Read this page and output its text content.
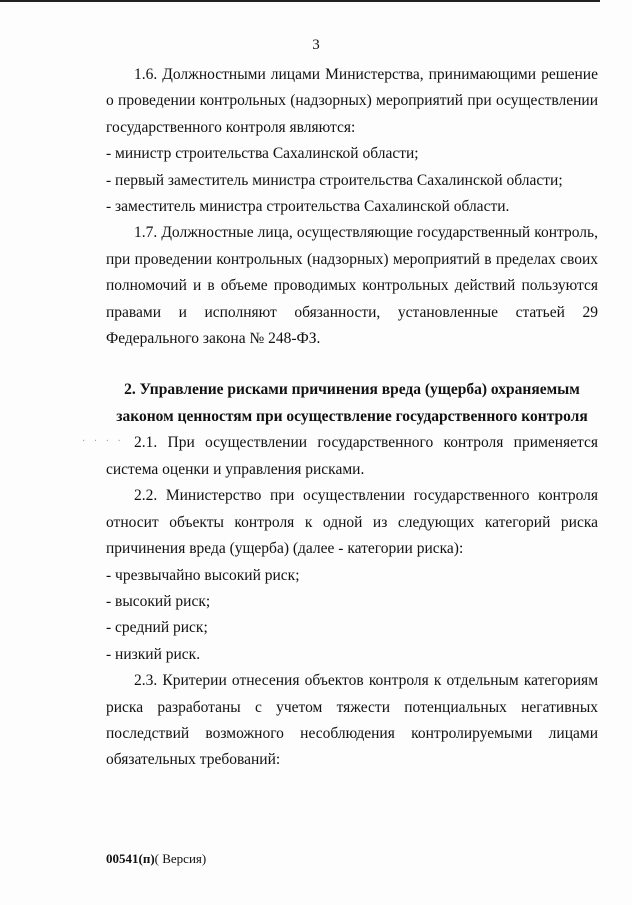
3

1.6. Должностными лицами Министерства, принимающими решение о проведении контрольных (надзорных) мероприятий при осуществлении государственного контроля являются:

- министр строительства Сахалинской области;

- первый заместитель министра строительства Сахалинской области;

- заместитель министра строительства Сахалинской области.

1.7. Должностные лица, осуществляющие государственный контроль, при проведении контрольных (надзорных) мероприятий в пределах своих полномочий и в объеме проводимых контрольных действий пользуются правами и исполняют обязанности, установленные статьей 29 Федерального закона № 248-ФЗ.

2. Управление рисками причинения вреда (ущерба) охраняемым законом ценностям при осуществление государственного контроля

2.1. При осуществлении государственного контроля применяется система оценки и управления рисками.

2.2. Министерство при осуществлении государственного контроля относит объекты контроля к одной из следующих категорий риска причинения вреда (ущерба) (далее - категории риска):

- чрезвычайно высокий риск;

- высокий риск;

- средний риск;

- низкий риск.

2.3. Критерии отнесения объектов контроля к отдельным категориям риска разработаны с учетом тяжести потенциальных негативных последствий возможного несоблюдения контролируемыми лицами обязательных требований:

· · · ·
00541(п)( Версия)
